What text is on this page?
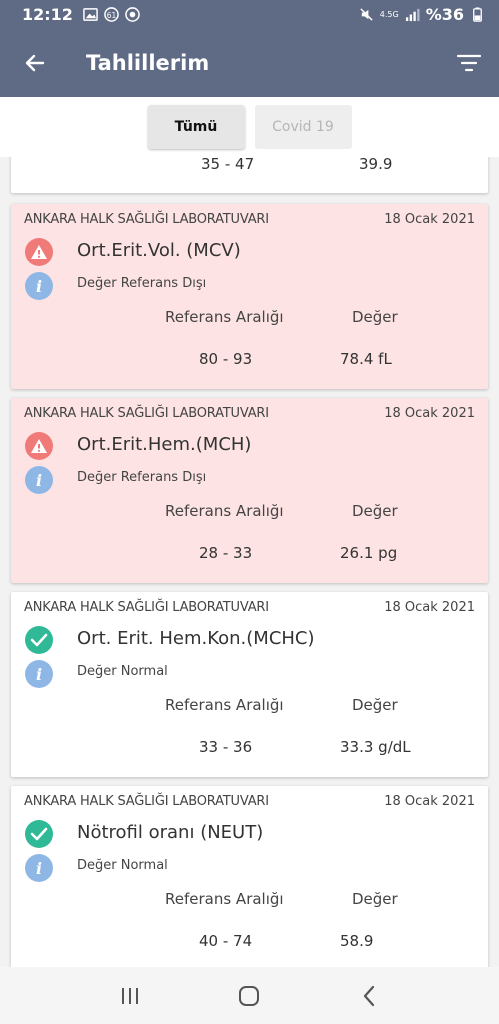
12:12	61	4.5G %36
Tahlillerim
Tümü	Covid 19
35 - 47	39.9
ANKARA HALK SAĞLIĞI LABORATUVARI	18 Ocak 2021
Ort.Erit.Vol. (MCV)
i	Değer Referans Dışı
Referans Aralığı	Değer
80 - 93	78.4 fL
ANKARA HALK SAĞLIĞI LABORATUVARI	18 Ocak 2021
Ort.Erit.Hem.(MCH)
i	Değer Referans Dışı
Referans Aralığı	Değer
28 - 33	26.1 pg
ANKARA HALK SAĞLIĞI LABORATUVARI	18 Ocak 2021
Ort. Erit. Hem.Kon.(MCHC)
i	Değer Normal
Referans Aralığı	Değer
33 - 36	33.3 g/dL
ANKARA HALK SAĞLIĞI LABORATUVARI	18 Ocak 2021
Nötrofil oranı (NEUT)
i	Değer Normal
Referans Aralığı	Değer
40 - 74	58.9
